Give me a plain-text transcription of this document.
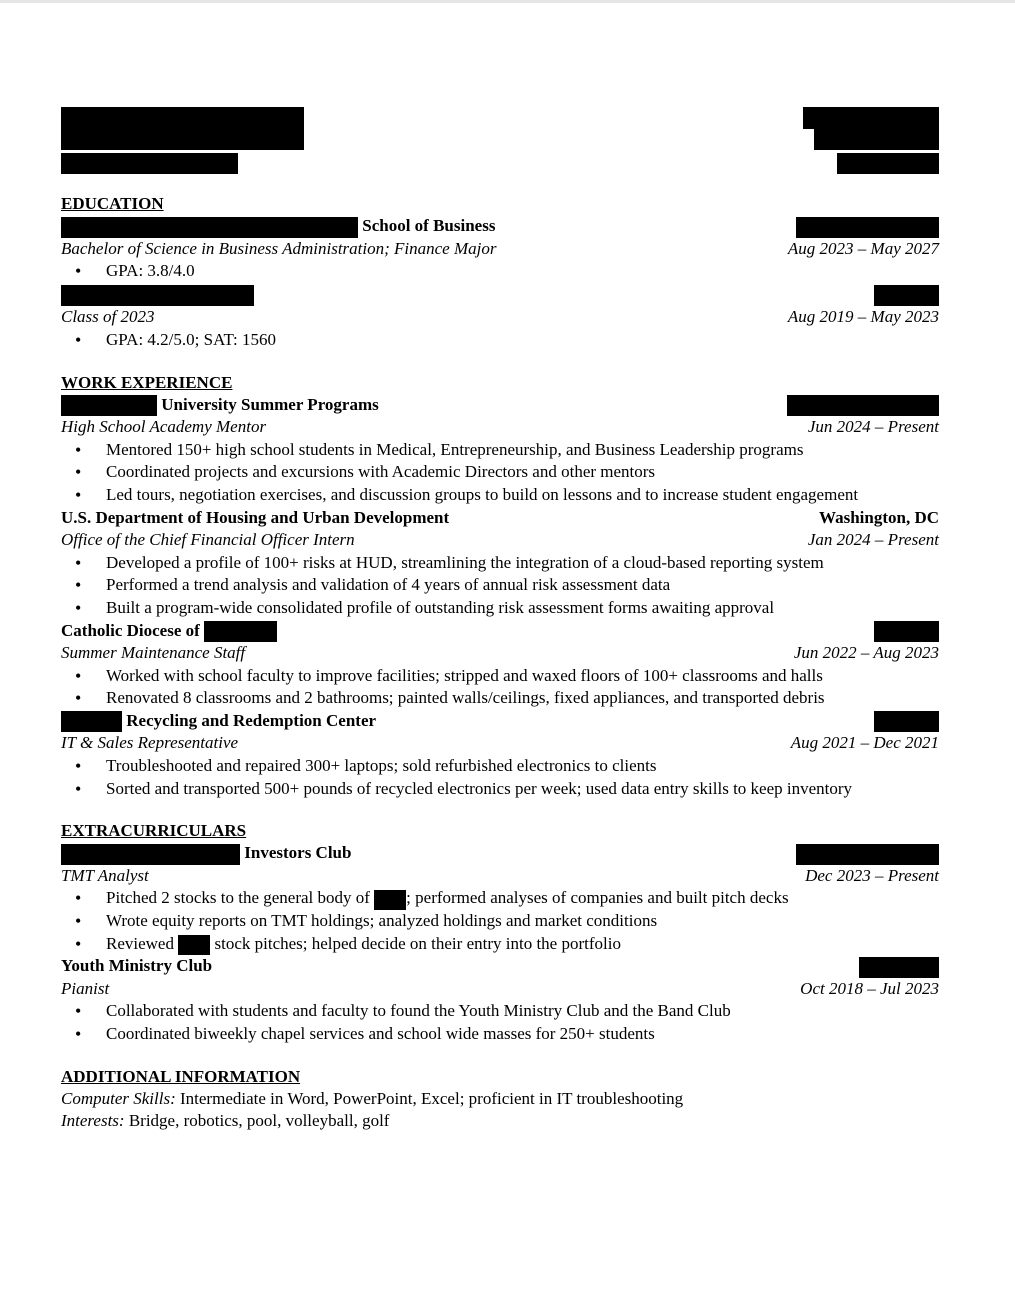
EDUCATION
School of Business
Bachelor of Science in Business Administration; Finance Major	Aug 2023 – May 2027
• GPA: 3.8/4.0
Class of 2023	Aug 2019 – May 2023
• GPA: 4.2/5.0; SAT: 1560
WORK EXPERIENCE
University Summer Programs
High School Academy Mentor	Jun 2024 – Present
• Mentored 150+ high school students in Medical, Entrepreneurship, and Business Leadership programs
• Coordinated projects and excursions with Academic Directors and other mentors
• Led tours, negotiation exercises, and discussion groups to build on lessons and to increase student engagement
U.S. Department of Housing and Urban Development	Washington, DC
Office of the Chief Financial Officer Intern	Jan 2024 – Present
• Developed a profile of 100+ risks at HUD, streamlining the integration of a cloud-based reporting system
• Performed a trend analysis and validation of 4 years of annual risk assessment data
• Built a program-wide consolidated profile of outstanding risk assessment forms awaiting approval
Catholic Diocese of
Summer Maintenance Staff	Jun 2022 – Aug 2023
• Worked with school faculty to improve facilities; stripped and waxed floors of 100+ classrooms and halls
• Renovated 8 classrooms and 2 bathrooms; painted walls/ceilings, fixed appliances, and transported debris
Recycling and Redemption Center
IT & Sales Representative	Aug 2021 – Dec 2021
• Troubleshooted and repaired 300+ laptops; sold refurbished electronics to clients
• Sorted and transported 500+ pounds of recycled electronics per week; used data entry skills to keep inventory
EXTRACURRICULARS
Investors Club
TMT Analyst	Dec 2023 – Present
• Pitched 2 stocks to the general body of ; performed analyses of companies and built pitch decks
• Wrote equity reports on TMT holdings; analyzed holdings and market conditions
• Reviewed  stock pitches; helped decide on their entry into the portfolio
Youth Ministry Club
Pianist	Oct 2018 – Jul 2023
• Collaborated with students and faculty to found the Youth Ministry Club and the Band Club
• Coordinated biweekly chapel services and school wide masses for 250+ students
ADDITIONAL INFORMATION
Computer Skills: Intermediate in Word, PowerPoint, Excel; proficient in IT troubleshooting
Interests: Bridge, robotics, pool, volleyball, golf
